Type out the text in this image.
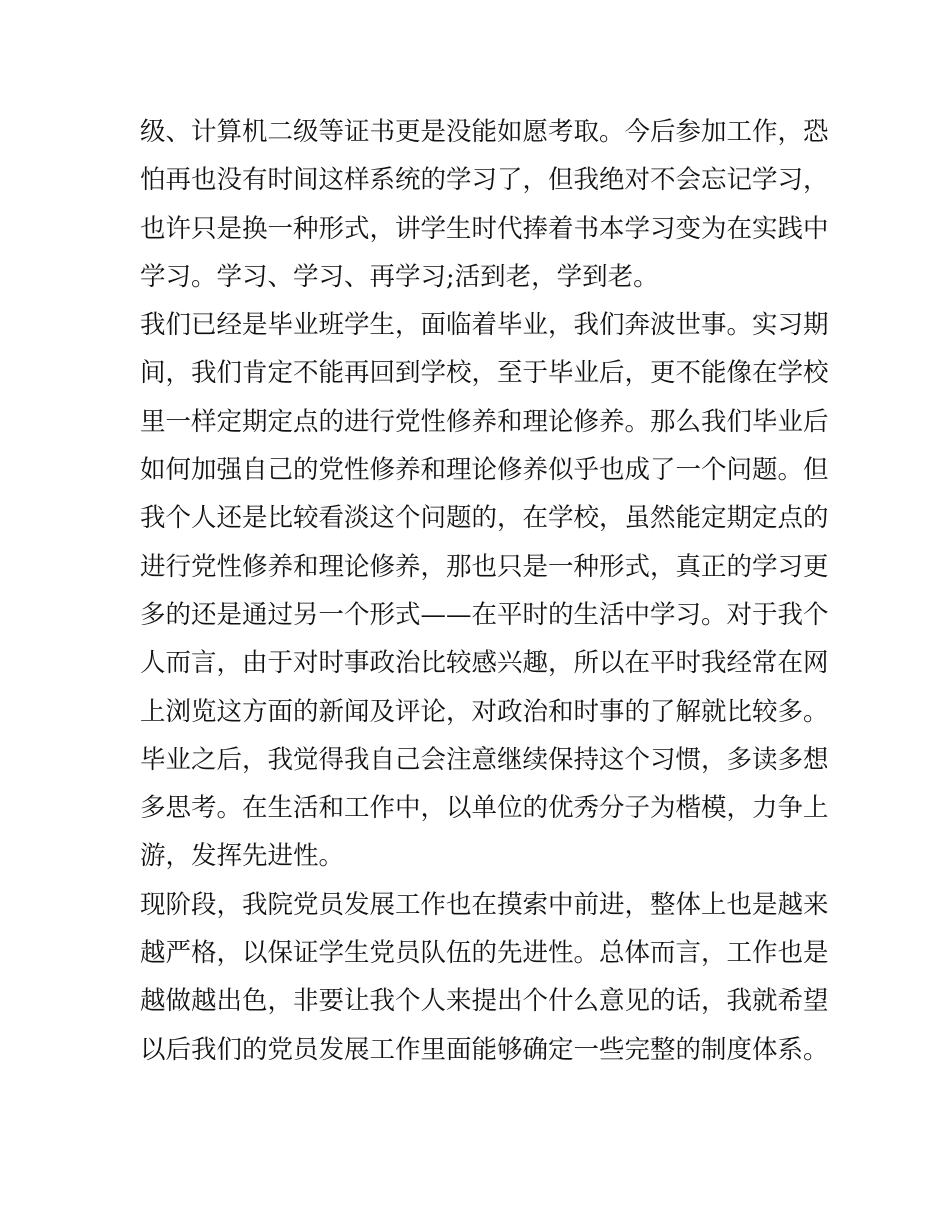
级、计算机二级等证书更是没能如愿考取。今后参加工作，恐
怕再也没有时间这样系统的学习了，但我绝对不会忘记学习，
也许只是换一种形式，讲学生时代捧着书本学习变为在实践中
学习。学习、学习、再学习;活到老，学到老。
我们已经是毕业班学生，面临着毕业，我们奔波世事。实习期
间，我们肯定不能再回到学校，至于毕业后，更不能像在学校
里一样定期定点的进行党性修养和理论修养。那么我们毕业后
如何加强自己的党性修养和理论修养似乎也成了一个问题。但
我个人还是比较看淡这个问题的，在学校，虽然能定期定点的
进行党性修养和理论修养，那也只是一种形式，真正的学习更
多的还是通过另一个形式——在平时的生活中学习。对于我个
人而言，由于对时事政治比较感兴趣，所以在平时我经常在网
上浏览这方面的新闻及评论，对政治和时事的了解就比较多。
毕业之后，我觉得我自己会注意继续保持这个习惯，多读多想
多思考。在生活和工作中，以单位的优秀分子为楷模，力争上
游，发挥先进性。
现阶段，我院党员发展工作也在摸索中前进，整体上也是越来
越严格，以保证学生党员队伍的先进性。总体而言，工作也是
越做越出色，非要让我个人来提出个什么意见的话，我就希望
以后我们的党员发展工作里面能够确定一些完整的制度体系。
